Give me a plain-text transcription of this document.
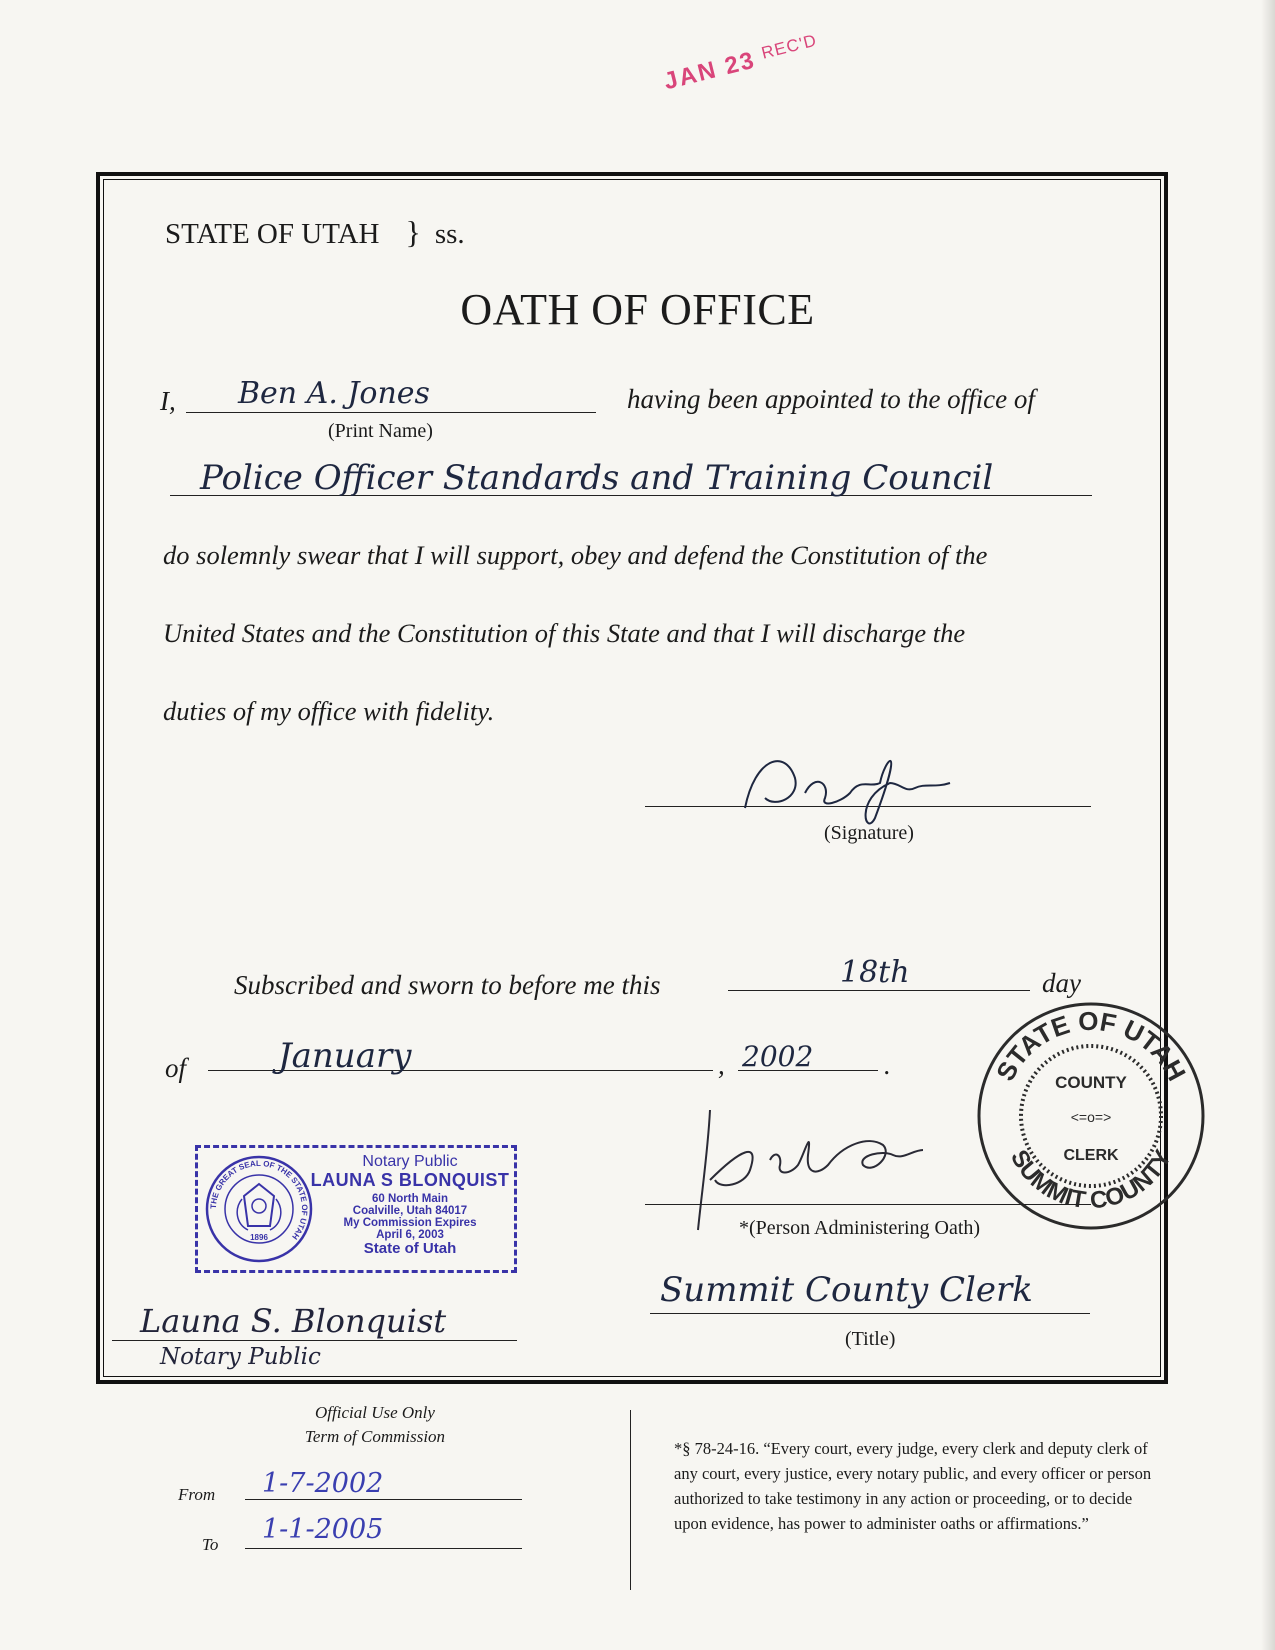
JAN 23REC'D
STATE OF UTAH } ss.
OATH OF OFFICE
I, Ben A. Jones
(Print Name)
having been appointed to the office of
Police Officer Standards and Training Council
do solemnly swear that I will support, obey and defend the Constitution of the
United States and the Constitution of this State and that I will discharge the
duties of my office with fidelity.
(Signature)
Subscribed and sworn to before me this	18th	day
of	January	, 2002	.	STATE OF UTAH
SUMMIT COUNTY
COUNTY
<=o=>
CLERK
*(Person Administering Oath)
Summit County Clerk
(Title)
THE GREAT SEAL OF THE STATE OF UTAH
1896
Notary Public
LAUNA S BLONQUIST
60 North Main
Coalville, Utah 84017
My Commission Expires
April 6, 2003
State of Utah
Launa S. Blonquist
Notary Public
Official Use Only
Term of Commission
From 1-7-2002
To 1-1-2005
*§ 78-24-16. “Every court, every judge, every clerk and deputy clerk of any court, every justice, every notary public, and every officer or person authorized to take testimony in any action or proceeding, or to decide upon evidence, has power to administer oaths or affirmations.”
